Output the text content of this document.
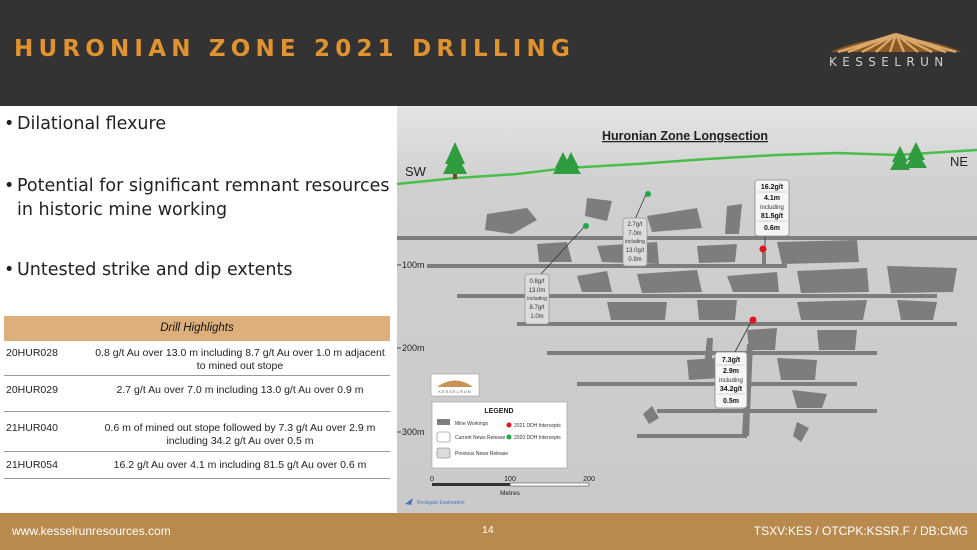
HURONIAN ZONE 2021 DRILLING	KESSELRUN
• Dilational flexure
• Potential for significant remnant resources in historic mine working
• Untested strike and dip extents
Drill Highlights
20HUR028	0.8 g/t Au over 13.0 m including 8.7 g/t Au over 1.0 m adjacent to mined out stope
20HUR029	2.7 g/t Au over 7.0 m including 13.0 g/t Au over 0.9 m
21HUR040	0.6 m of mined out stope followed by 7.3 g/t Au over 2.9 m including 34.2 g/t Au over 0.5 m
21HUR054	16.2 g/t Au over 4.1 m including 81.5 g/t Au over 0.6 m
Huronian Zone Longsection
SW
NE
100m
200m
300m
16.2g/t
4.1m
including
81.5g/t
0.6m
2.7g/t
7.0m
including
13.0g/t
0.9m
0.8g/t
13.0m
including
8.7g/t
1.0m
7.3g/t
2.9m
including
34.2g/t
0.5m
KESSELRUN
LEGEND
Mine Workings
Current News Release
Previous News Release
2021 DDH Intercepts
2020 DDH Intercepts
0	100	200
Metres
Rockgate Exploration
www.kesselrunresources.com	14	TSXV:KES / OTCPK:KSSR.F / DB:CMG
